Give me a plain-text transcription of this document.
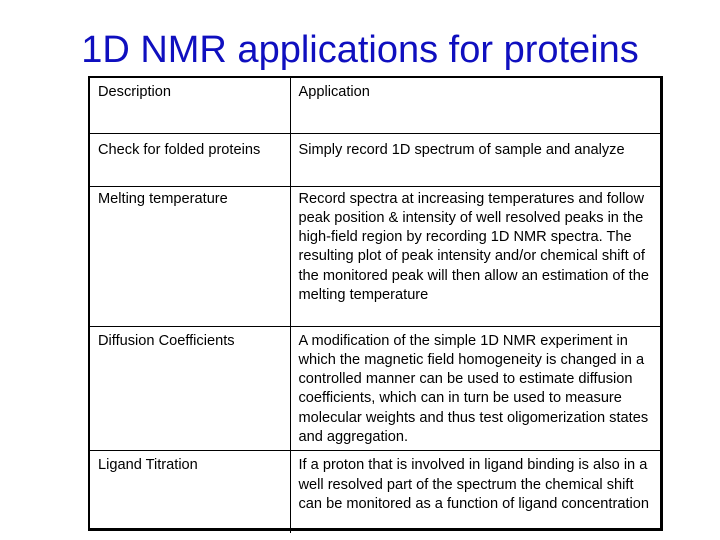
1D NMR applications for proteins
Description	Application
Check for folded proteins	Simply record 1D spectrum of sample and analyze
Melting temperature	Record spectra at increasing temperatures and follow peak position & intensity of well resolved peaks in the high-field region by recording 1D NMR spectra. The resulting plot of peak intensity and/or chemical shift of the monitored peak will then allow an estimation of the melting temperature
Diffusion Coefficients	A modification of the simple 1D NMR experiment in which the magnetic field homogeneity is changed in a controlled manner can be used to estimate diffusion coefficients, which can in turn be used to measure molecular weights and thus test oligomerization states and aggregation.
Ligand Titration	If a proton that is involved in ligand binding is also in a well resolved part of the spectrum the chemical shift can be monitored as a function of ligand concentration
